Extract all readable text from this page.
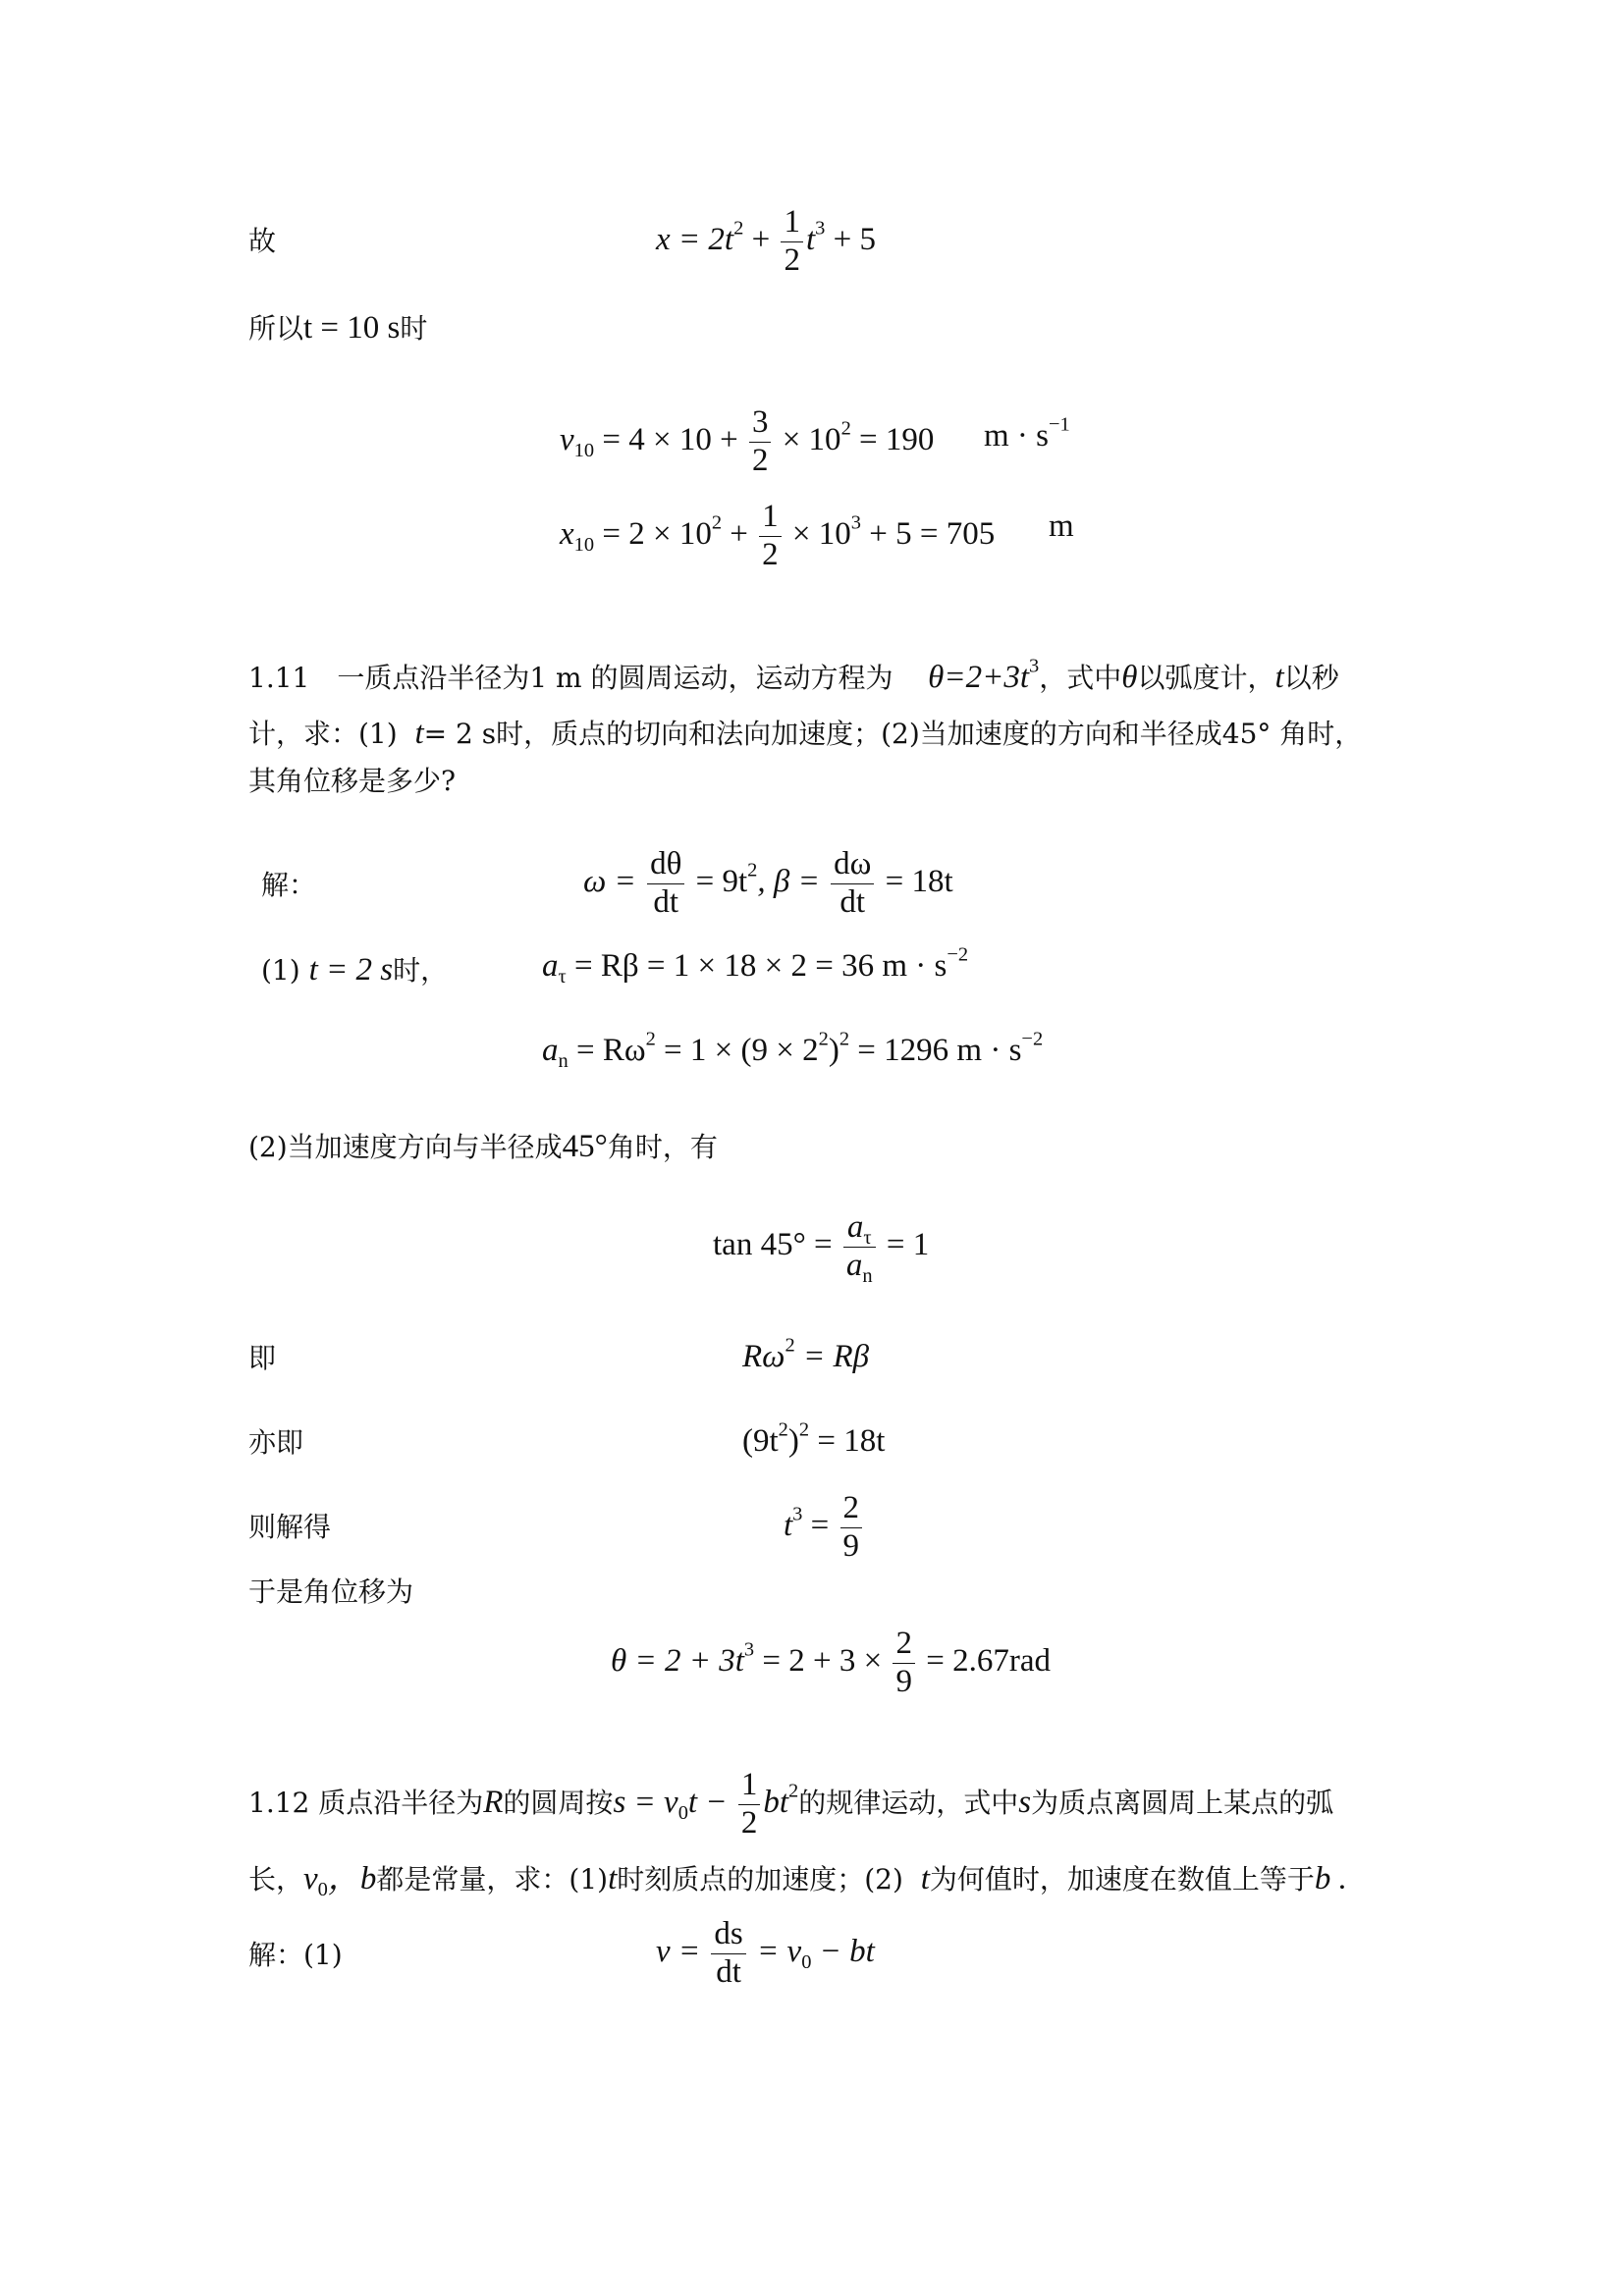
故	$x = 2t^2 + \frac{1}{2} t^3 + 5$
所以t = 10 s时
$v_{10} = 4 \times 10 + \frac{3}{2} \times 10^2 = 190$ $m \cdot s^{-1}$
$x_{10} = 2 \times 10^2 + \frac{1}{2} \times 10^3 + 5 = 705$ m
1.11　一质点沿半径为1 m 的圆周运动，运动方程为 $\theta=2+3t^3$，式中θ以弧度计，t以秒
计，求：(1) t= 2 s时，质点的切向和法向加速度；(2)当加速度的方向和半径成45° 角时，
其角位移是多少?
解：	$\omega = \frac{d\theta}{dt} = 9t^2$, $\beta = \frac{d\omega}{dt} = 18t$
(1) t = 2 s时，	$a_\tau = R\beta = 1 \times 18 \times 2 = 36$ $m \cdot s^{-2}$
$a_n = R\omega^2 = 1 \times (9 \times 2^2)^2 = 1296$ $m \cdot s^{-2}$
(2)当加速度方向与半径成45°角时，有
$\tan 45^\circ = \frac{a_\tau}{a_n} = 1$
即	$R\omega^2 = R\beta$
亦即	$(9t^2)^2 = 18t$
则解得	$t^3 = \frac{2}{9}$
于是角位移为
$\theta = 2 + 3t^3 = 2 + 3 \times \frac{2}{9} = 2.67rad$
1.12 质点沿半径为R的圆周按$s = v_0t - \frac{1}{2} bt^2$的规律运动，式中s为质点离圆周上某点的弧
长，$v_0$，b都是常量，求：(1)t时刻质点的加速度；(2) t为何值时，加速度在数值上等于b .
解：(1)	$v = \frac{ds}{dt} = v_0$ − bt
